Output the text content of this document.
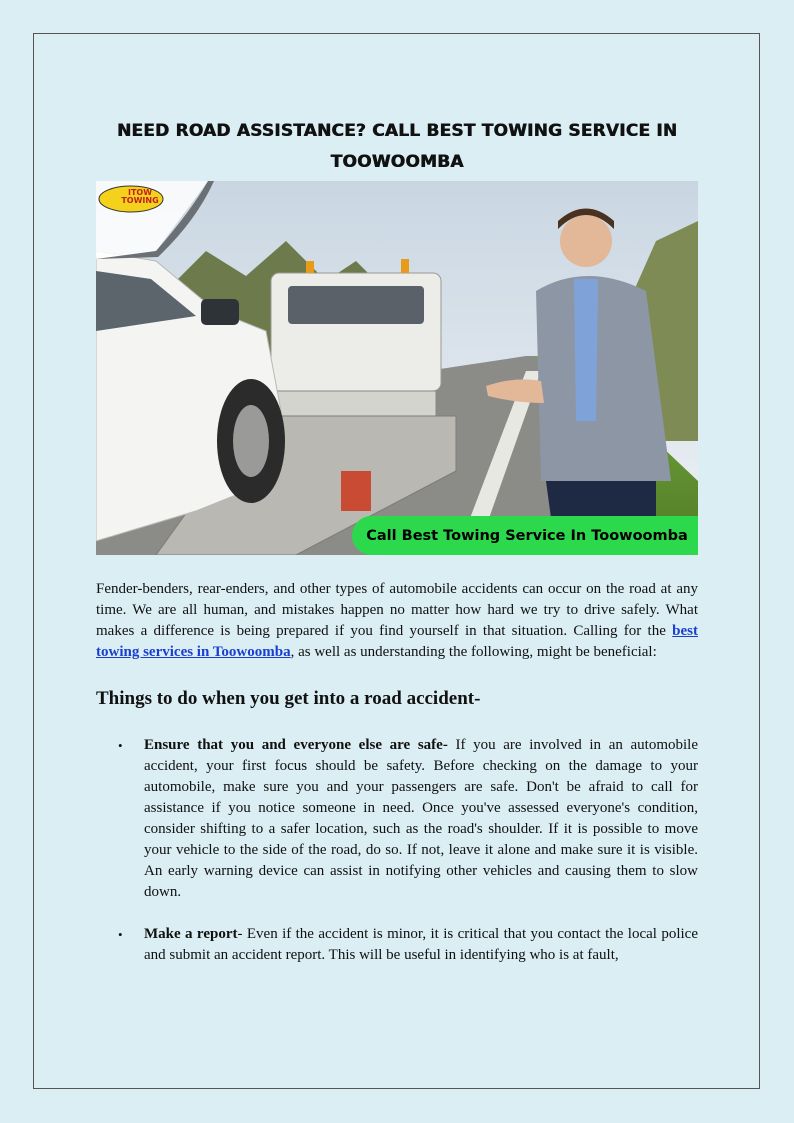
NEED ROAD ASSISTANCE? CALL BEST TOWING SERVICE IN TOOWOOMBA
ITOW TOWING
Call Best Towing Service In Toowoomba

Fender-benders, rear-enders, and other types of automobile accidents can occur on the road at any time. We are all human, and mistakes happen no matter how hard we try to drive safely. What makes a difference is being prepared if you find yourself in that situation. Calling for the best towing services in Toowoomba, as well as understanding the following, might be beneficial:

Things to do when you get into a road accident-
• Ensure that you and everyone else are safe- If you are involved in an automobile accident, your first focus should be safety. Before checking on the damage to your automobile, make sure you and your passengers are safe. Don't be afraid to call for assistance if you notice someone in need. Once you've assessed everyone's condition, consider shifting to a safer location, such as the road's shoulder. If it is possible to move your vehicle to the side of the road, do so. If not, leave it alone and make sure it is visible. An early warning device can assist in notifying other vehicles and causing them to slow down.
• Make a report- Even if the accident is minor, it is critical that you contact the local police and submit an accident report. This will be useful in identifying who is at fault,
